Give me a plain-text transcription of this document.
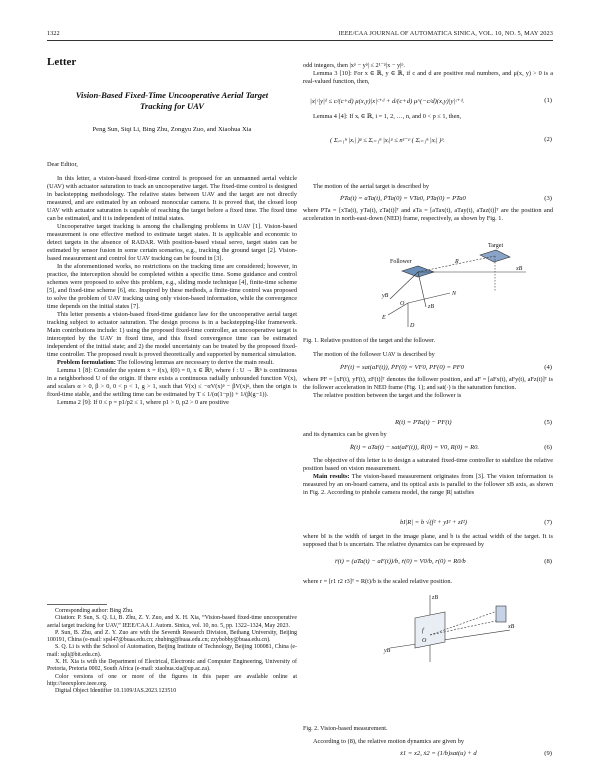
1322	IEEE/CAA JOURNAL OF AUTOMATICA SINICA, VOL. 10, NO. 5, MAY 2023
Letter
Vision-Based Fixed-Time Uncooperative Aerial Target
Tracking for UAV
Peng Sun, Siqi Li, Bing Zhu, Zongyu Zuo, and Xiaohua Xia

Dear Editor,

In this letter, a vision-based fixed-time control is proposed for an unmanned aerial vehicle (UAV) with actuator saturation to track an uncooperative target. The fixed-time control is designed in backstepping methodology. The relative states between UAV and the target are not directly measured, and are estimated by an onboard monocular camera. It is proved that, the closed loop UAV with actuator saturation is capable of reaching the target before a fixed time. The fixed time can be estimated, and it is independent of initial states.

Uncooperative target tracking is among the challenging problems in UAV [1]. Vision-based measurement is one effective method to estimate target states. It is applicable and economic to detect targets in the absence of RADAR. With position-based visual servo, target states can be estimated by sensor fusion in some certain scenarios, e.g., tracking the ground target [2]. Vision-based measurement and control for UAV tracking can be found in [3].

In the aforementioned works, no restrictions on the tracking time are considered; however, in practice, the interception should be completed within a specific time. Some guidance and control schemes were proposed to solve this problem, e.g., sliding mode technique [4], finite-time scheme [5], and fixed-time scheme [6], etc. Inspired by these methods, a finite-time control was proposed to solve the problem of UAV tracking using only vision-based information, while the convergence time depends on the initial states [7].

This letter presents a vision-based fixed-time guidance law for the uncooperative aerial target tracking subject to actuator saturation. The design process is in a backstepping-like framework. Main contributions include: 1) using the proposed fixed-time controller, an uncooperative target is intercepted by the UAV in fixed time, and this fixed convergence time can be estimated independent of the initial state; and 2) the model uncertainty can be treated by the proposed fixed-time controller. The proposed result is proved theoretically and supported by numerical simulation.

Problem formulation: The following lemmas are necessary to derive the main result.

Lemma 1 [8]: Consider the system ẋ = f(x), f(0) = 0, x ∈ ℝⁿ, where f : U → ℝⁿ is continuous in a neighborhood U of the origin. If there exists a continuous radially unbounded function V(x), and scalars α > 0, β > 0, 0 < p < 1, g > 1, such that V̇(x) ≤ −αV(x)ᵖ − βV(x)ᵍ, then the origin is fixed-time stable, and the settling time can be estimated by T ≤ 1/(α(1−p)) + 1/(β(g−1)).

Lemma 2 [9]: If 0 ≤ p = p1/p2 ≤ 1, where p1 > 0, p2 > 0 are positive

Corresponding author: Bing Zhu.
Citation: P. Sun, S. Q. Li, B. Zhu, Z. Y. Zuo, and X. H. Xia, “Vision-based fixed-time uncooperative aerial target tracking for UAV,” IEEE/CAA J. Autom. Sinica, vol. 10, no. 5, pp. 1322–1324, May 2023.
P. Sun, B. Zhu, and Z. Y. Zuo are with the Seventh Research Division, Beihang University, Beijing 100191, China (e-mail: spsl47@buaa.edu.cn; zhubing@buaa.edu.cn; zzybobby@buaa.edu.cn).
S. Q. Li is with the School of Automation, Beijing Institute of Technology, Beijing 100081, China (e-mail: sqli@bit.edu.cn).
X. H. Xia is with the Department of Electrical, Electronic and Computer Engineering, University of Pretoria, Pretoria 0002, South Africa (e-mail: xiaohua.xia@up.ac.za).
Color versions of one or more of the figures in this paper are available online at http://ieeexplore.ieee.org.
Digital Object Identifier 10.1109/JAS.2023.123510

odd integers, then |xᵖ − yᵖ| ≤ 2¹⁻ᵖ|x − y|ᵖ.

Lemma 3 [10]: For x ∈ ℝ, y ∈ ℝ, if c and d are positive real numbers, and μ(x, y) > 0 is a real-valued function, then,

|x|ᶜ|y|ᵈ ≤ c/(c+d) μ(x,y)|x|ᶜ⁺ᵈ + d/(c+d) μ^(−c/d)(x,y)|y|ᶜ⁺ᵈ.	(1)

Lemma 4 [4]: If xᵢ ∈ ℝ, i = 1, 2, …, n, and 0 < p ≤ 1, then,

( Σᵢ₌₁ⁿ |xᵢ| )ᵖ ≤ Σᵢ₌₁ⁿ |xᵢ|ᵖ ≤ n¹⁻ᵖ ( Σᵢ₌₁ⁿ |xᵢ| )ᵖ.	(2)

The motion of the aerial target is described by

ṖTa(t) = aTa(t), ṖTa(0) = VTa0, PTa(0) = PTa0	(3)

where PTa = [xTa(t), yTa(t), zTa(t)]ᵀ and aTa = [aTax(t), aTay(t), aTaz(t)]ᵀ are the position and acceleration in north-east-down (NED) frame, respectively, as shown by Fig. 1.

Target
Follower	R
xB
yB
zB
N
E
D
O
Fig. 1. Relative position of the target and the follower.

The motion of the follower UAV is described by

ṖF(t) = sat(aF(t)), ṖF(0) = VF0, PF(0) = PF0	(4)

where PF = [xF(t), yF(t), zF(t)]ᵀ denotes the follower position, and aF = [aFx(t), aFy(t), aFz(t)]ᵀ is the follower acceleration in NED frame (Fig. 1); and sat(·) is the saturation function.

The relative position between the target and the follower is

R(t) = PTa(t) − PF(t)	(5)

and its dynamics can be given by

R̈(t) = aTa(t) − sat(aF(t)), Ṙ(0) = V0, R(0) = R0.	(6)

The objective of this letter is to design a saturated fixed-time controller to stabilize the relative position based on vision measurement.

Main results: The vision-based measurement originates from [3]. The vision information is measured by an on-board camera, and its optical axis is parallel to the follower xB axis, as shown in Fig. 2. According to pinhole camera model, the range |R| satisfies

bI|R| = b √(f² + yI² + zI²)	(7)

where bI is the width of target in the image plane, and b is the actual width of the target. It is supposed that b is uncertain. The relative dynamics can be expressed by

r̈(t) = (aTa(t) − aF(t))/b, ṙ(0) = V0/b, r(0) = R0/b	(8)

where r = [r1 r2 r3]ᵀ = R(t)/b is the scaled relative position.

zB
xB
yB
f
O
Fig. 2. Vision-based measurement.

According to (8), the relative motion dynamics are given by

ẋ1 = x2, ẋ2 = (1/b)sat(u) + d	(9)
